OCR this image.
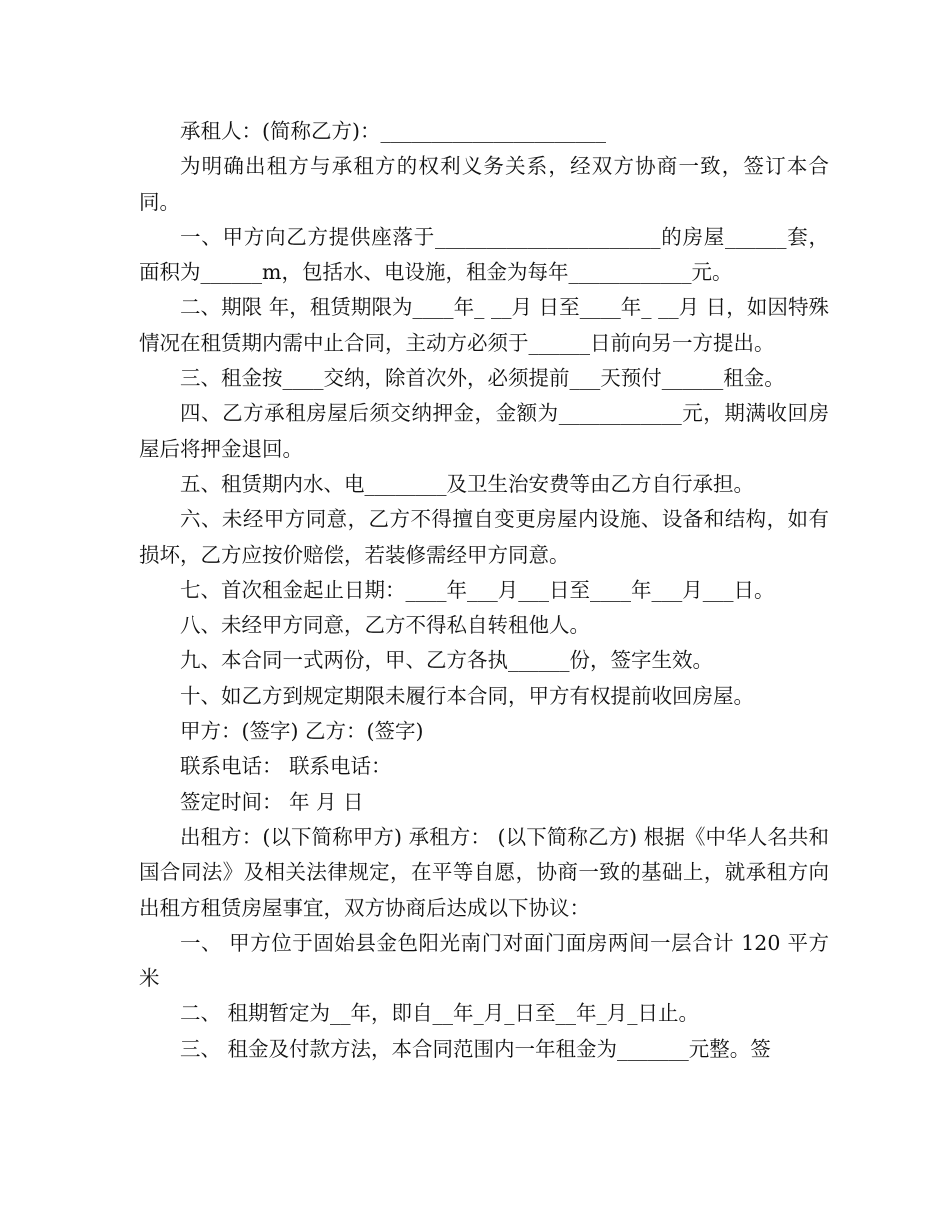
承租人：(简称乙方)：______________________

为明确出租方与承租方的权利义务关系，经双方协商一致，签订本合同。

一、甲方向乙方提供座落于______________________的房屋______套，面积为______m，包括水、电设施，租金为每年____________元。

二、期限 年，租赁期限为____年_ __月 日至____年_ __月 日，如因特殊情况在租赁期内需中止合同，主动方必须于______日前向另一方提出。

三、租金按____交纳，除首次外，必须提前___天预付______租金。

四、乙方承租房屋后须交纳押金，金额为____________元，期满收回房屋后将押金退回。

五、租赁期内水、电________及卫生治安费等由乙方自行承担。

六、未经甲方同意，乙方不得擅自变更房屋内设施、设备和结构，如有损坏，乙方应按价赔偿，若装修需经甲方同意。

七、首次租金起止日期：____年___月___日至____年___月___日。

八、未经甲方同意，乙方不得私自转租他人。

九、本合同一式两份，甲、乙方各执______份，签字生效。

十、如乙方到规定期限未履行本合同，甲方有权提前收回房屋。

甲方：(签字) 乙方：(签字)

联系电话： 联系电话：

签定时间： 年 月 日

出租方：(以下简称甲方) 承租方： (以下简称乙方) 根据《中华人名共和国合同法》及相关法律规定，在平等自愿，协商一致的基础上，就承租方向出租方租赁房屋事宜，双方协商后达成以下协议：

一、 甲方位于固始县金色阳光南门对面门面房两间一层合计 120 平方米

二、 租期暂定为__年，即自__年_月_日至__年_月_日止。

三、 租金及付款方法，本合同范围内一年租金为_______元整。签
